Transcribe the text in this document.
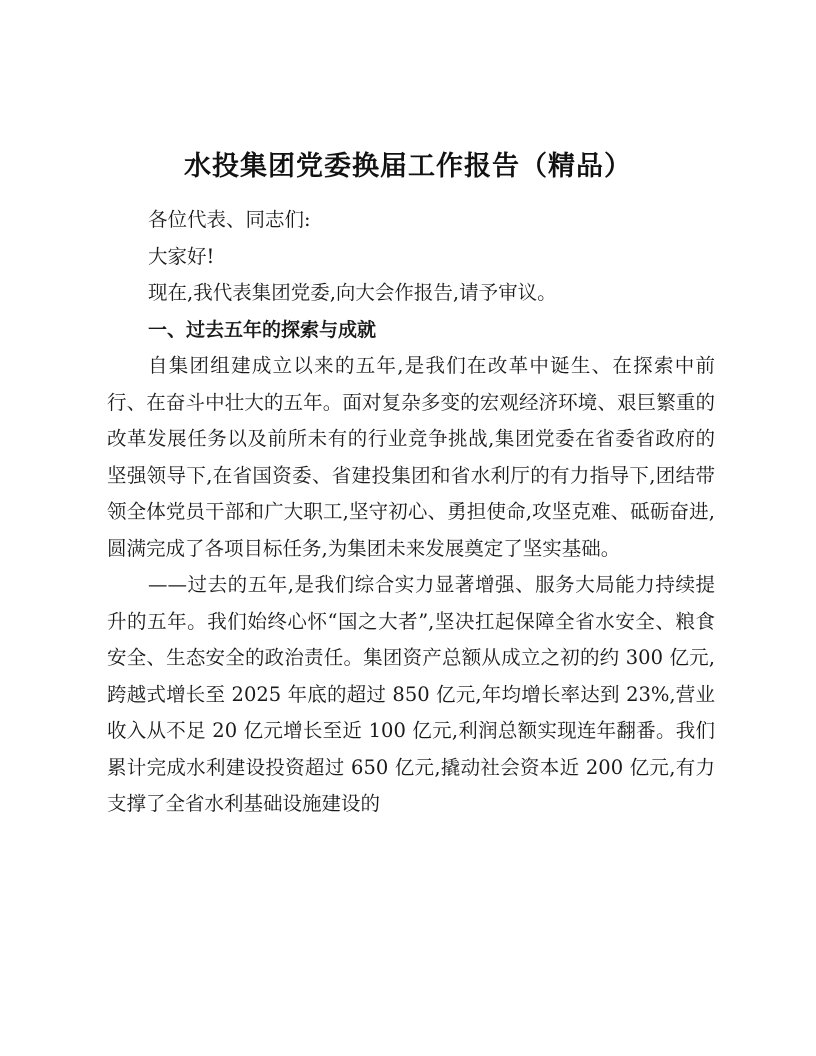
水投集团党委换届工作报告（精品）

各位代表、同志们:

大家好!

现在,我代表集团党委,向大会作报告,请予审议。

一、过去五年的探索与成就

自集团组建成立以来的五年,是我们在改革中诞生、在探索中前行、在奋斗中壮大的五年。面对复杂多变的宏观经济环境、艰巨繁重的改革发展任务以及前所未有的行业竞争挑战,集团党委在省委省政府的坚强领导下,在省国资委、省建投集团和省水利厅的有力指导下,团结带领全体党员干部和广大职工,坚守初心、勇担使命,攻坚克难、砥砺奋进,圆满完成了各项目标任务,为集团未来发展奠定了坚实基础。

——过去的五年,是我们综合实力显著增强、服务大局能力持续提升的五年。我们始终心怀“国之大者”,坚决扛起保障全省水安全、粮食安全、生态安全的政治责任。集团资产总额从成立之初的约 300 亿元,跨越式增长至 2025 年底的超过 850 亿元,年均增长率达到 23%,营业收入从不足 20 亿元增长至近 100 亿元,利润总额实现连年翻番。我们累计完成水利建设投资超过 650 亿元,撬动社会资本近 200 亿元,有力支撑了全省水利基础设施建设的
